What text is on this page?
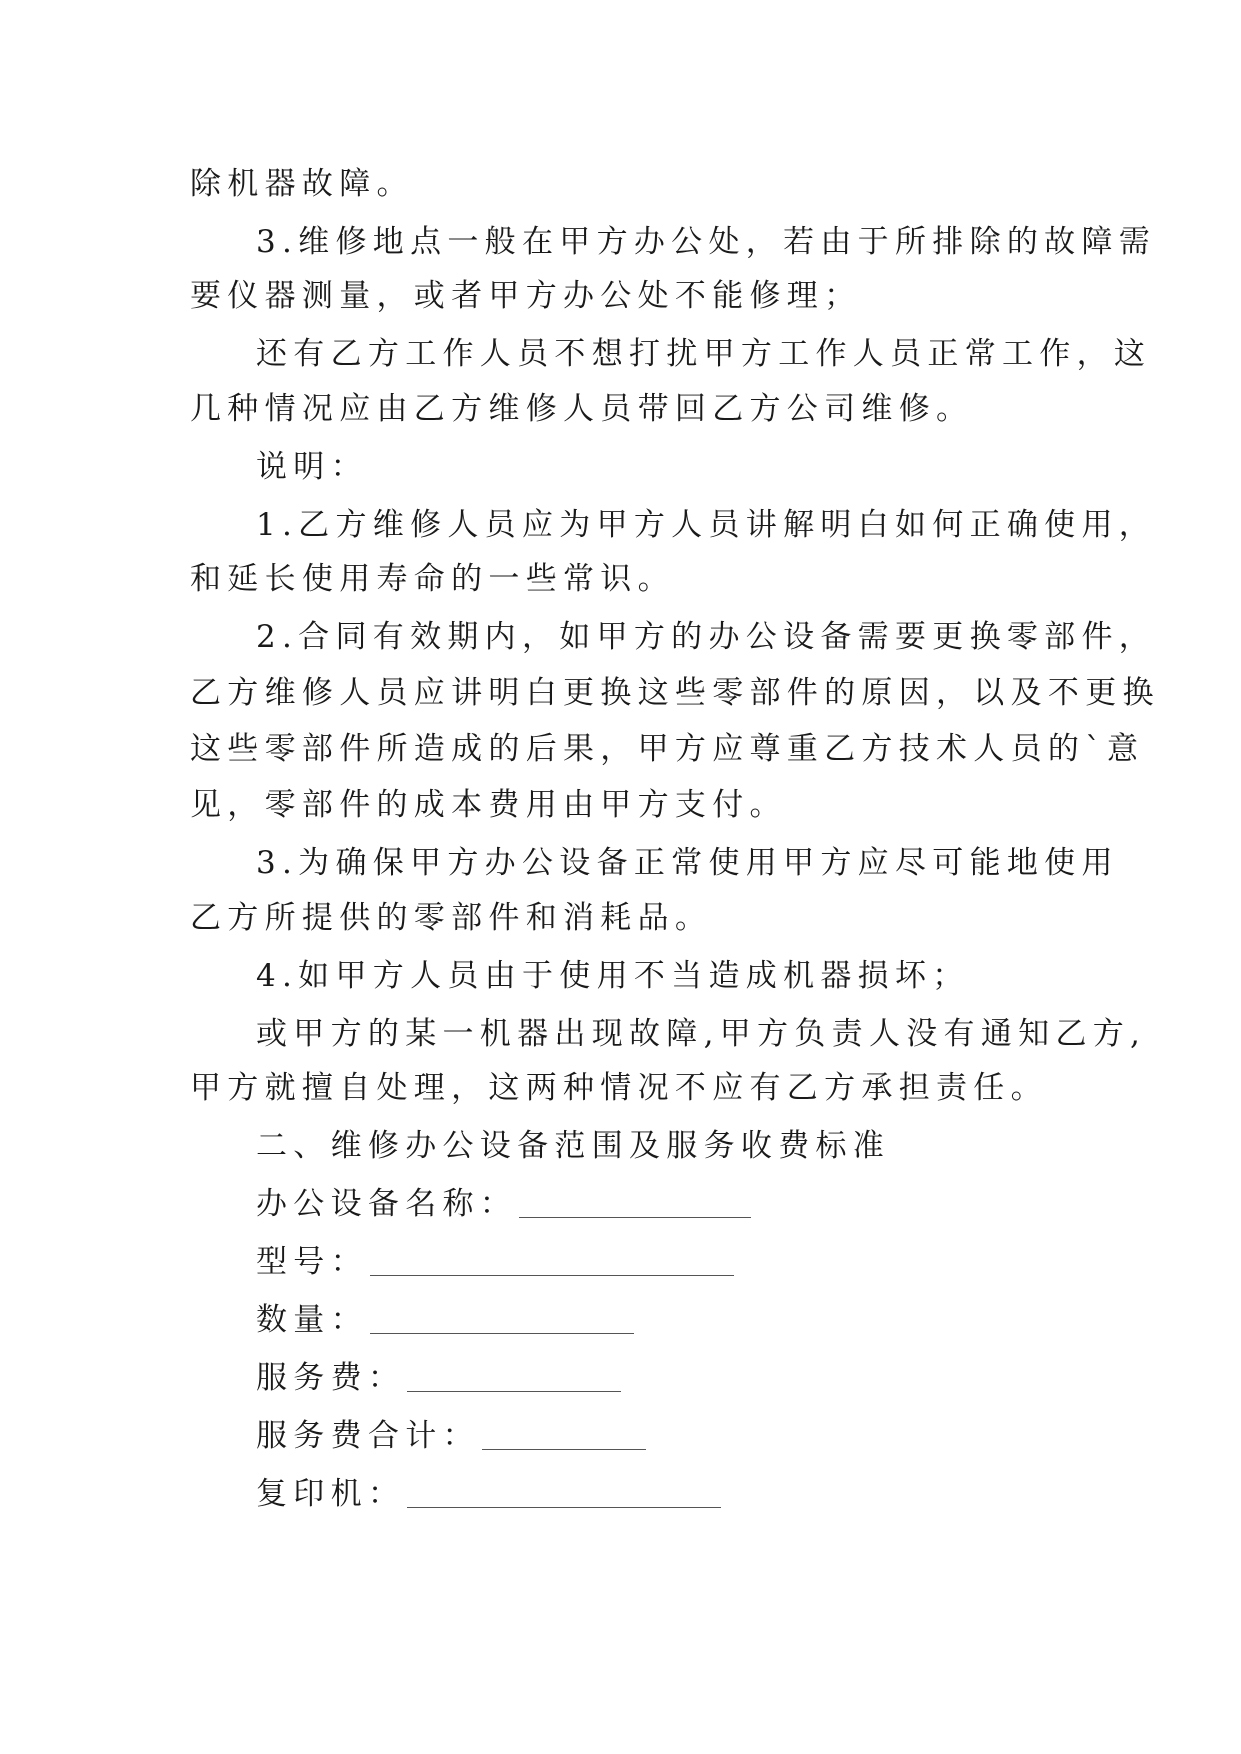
除机器故障。
3.维修地点一般在甲方办公处，若由于所排除的故障需
要仪器测量，或者甲方办公处不能修理；
还有乙方工作人员不想打扰甲方工作人员正常工作，这
几种情况应由乙方维修人员带回乙方公司维修。
说明：
1.乙方维修人员应为甲方人员讲解明白如何正确使用，
和延长使用寿命的一些常识。
2.合同有效期内，如甲方的办公设备需要更换零部件，
乙方维修人员应讲明白更换这些零部件的原因，以及不更换
这些零部件所造成的后果，甲方应尊重乙方技术人员的`意
见，零部件的成本费用由甲方支付。
3.为确保甲方办公设备正常使用甲方应尽可能地使用
乙方所提供的零部件和消耗品。
4.如甲方人员由于使用不当造成机器损坏；
或甲方的某一机器出现故障,甲方负责人没有通知乙方,
甲方就擅自处理，这两种情况不应有乙方承担责任。
二、维修办公设备范围及服务收费标准
办公设备名称：
型号：
数量：
服务费：
服务费合计：
复印机：
